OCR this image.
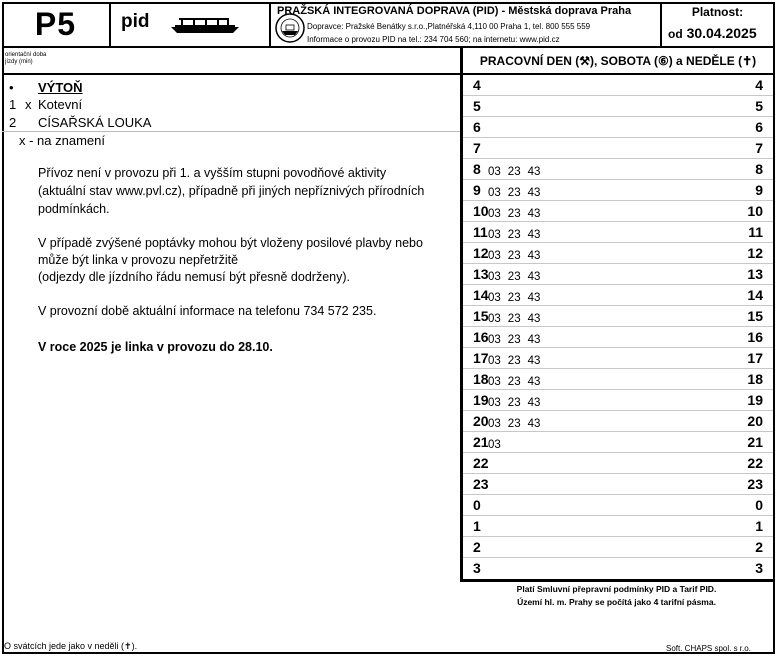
P5 pid	PRAŽSKÁ INTEGROVANÁ DOPRAVA (PID) - Městská doprava Praha
Dopravce: Pražské Benátky s.r.o.,Platnéřská 4,110 00 Praha 1, tel. 800 555 559
Informace o provozu PID na tel.: 234 704 560; na internetu: www.pid.cz
Platnost:
od 30.04.2025
orientační doba jízdy (min)
• VÝTOŇ
1 x Kotevní
2 CÍSAŘSKÁ LOUKA
x - na znamení
Přívoz není v provozu při 1. a vyšším stupni povodňové aktivity
(aktuální stav www.pvl.cz), případně při jiných nepříznivých přírodních
podmínkách.
V případě zvýšené poptávky mohou být vloženy posilové plavby nebo
může být linka v provozu nepřetržitě
(odjezdy dle jízdního řádu nemusí být přesně dodrženy).
V provozní době aktuální informace na telefonu 734 572 235.
V roce 2025 je linka v provozu do 28.10.
O svátcích jede jako v neděli (✝).
PRACOVNÍ DEN (⚒), SOBOTA (⑥) a NEDĚLE (✝)
4	4
5	5
6	6
7	7
8 03 23 43	8
9 03 23 43	9
10 03 23 43	10
11 03 23 43	11
12 03 23 43	12
13 03 23 43	13
14 03 23 43	14
15 03 23 43	15
16 03 23 43	16
17 03 23 43	17
18 03 23 43	18
19 03 23 43	19
20 03 23 43	20
21 03	21
22	22
23	23
0	0
1	1
2	2
3	3
Platí Smluvní přepravní podmínky PID a Tarif PID.
Území hl. m. Prahy se počítá jako 4 tarifní pásma.
Soft. CHAPS spol. s r.o.
